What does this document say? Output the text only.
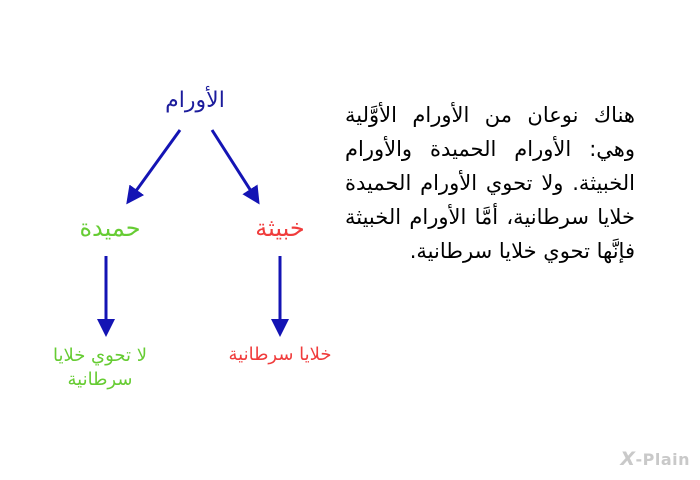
الأورام
حميدة	خبيثة
لا تحوي خلايا سرطانية
خلايا سرطانية
هناك نوعان من الأورام الأوَّلية وهي: الأورام الحميدة والأورام الخبيثة. ولا تحوي الأورام الحميدة خلايا سرطانية، أمَّا الأورام الخبيثة فإنَّها تحوي خلايا سرطانية.
X-Plain
